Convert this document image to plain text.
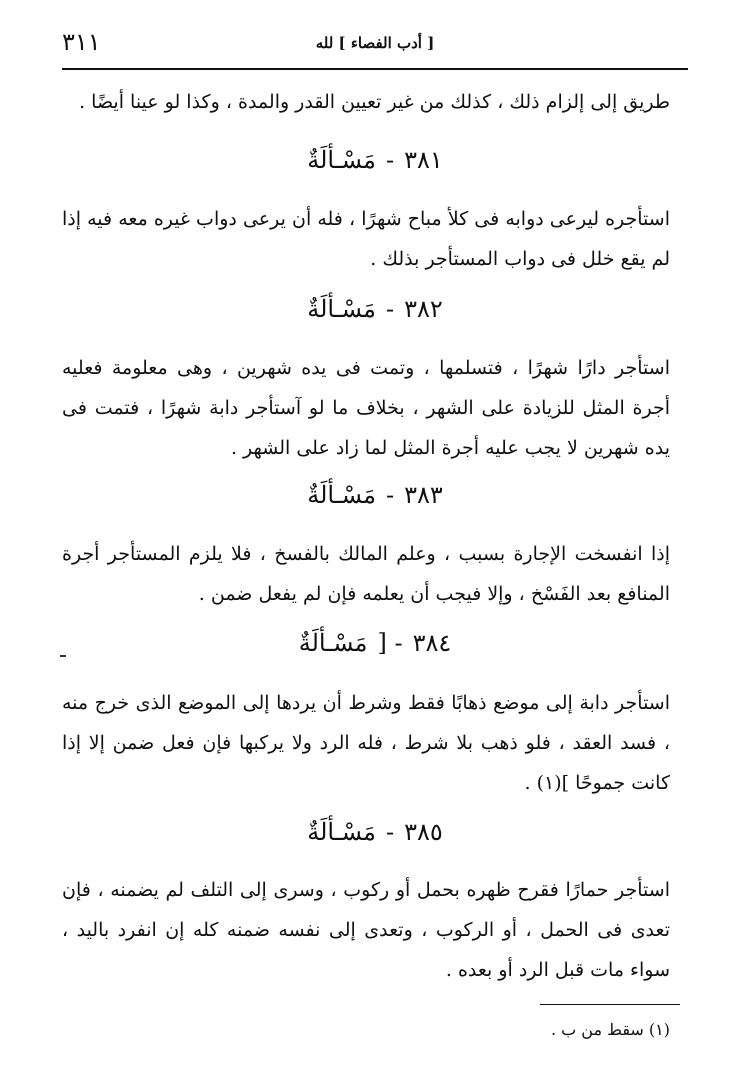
٣١١	[ أدب الفصاء ] لله
طريق إلى إلزام ذلك ، كذلك من غير تعيين القدر والمدة ، وكذا لو عينا أيضًا .
٣٨١-مَسْـألَةٌ
استأجره ليرعى دوابه فى كلأ مباح شهرًا ، فله أن يرعى دواب غيره معه فيه إذا لم يقع خلل فى دواب المستأجر بذلك .
٣٨٢-مَسْـألَةٌ
استأجر دارًا شهرًا ، فتسلمها ، وتمت فى يده شهرين ، وهى معلومة فعليه أجرة المثل للزيادة على الشهر ، بخلاف ما لو آستأجر دابة شهرًا ، فتمت فى يده شهرين لا يجب عليه أجرة المثل لما زاد على الشهر .
٣٨٣-مَسْـألَةٌ
إذا انفسخت الإجارة بسبب ، وعلم المالك بالفسخ ، فلا يلزم المستأجر أجرة المنافع بعد الفَسْخ ، وإلا فيجب أن يعلمه فإن لم يفعل ضمن .
٣٨٤- [مَسْـألَةٌ
استأجر دابة إلى موضع ذهابًا فقط وشرط أن يردها إلى الموضع الذى خرج منه ، فسد العقد ، فلو ذهب بلا شرط ، فله الرد ولا يركبها فإن فعل ضمن إلا إذا كانت جموحًا ](١) .
٣٨٥-مَسْـألَةٌ
استأجر حمارًا فقرح ظهره بحمل أو ركوب ، وسرى إلى التلف لم يضمنه ، فإن تعدى فى الحمل ، أو الركوب ، وتعدى إلى نفسه ضمنه كله إن انفرد باليد ، سواء مات قبل الرد أو بعده .
(١) سقط من ب .
